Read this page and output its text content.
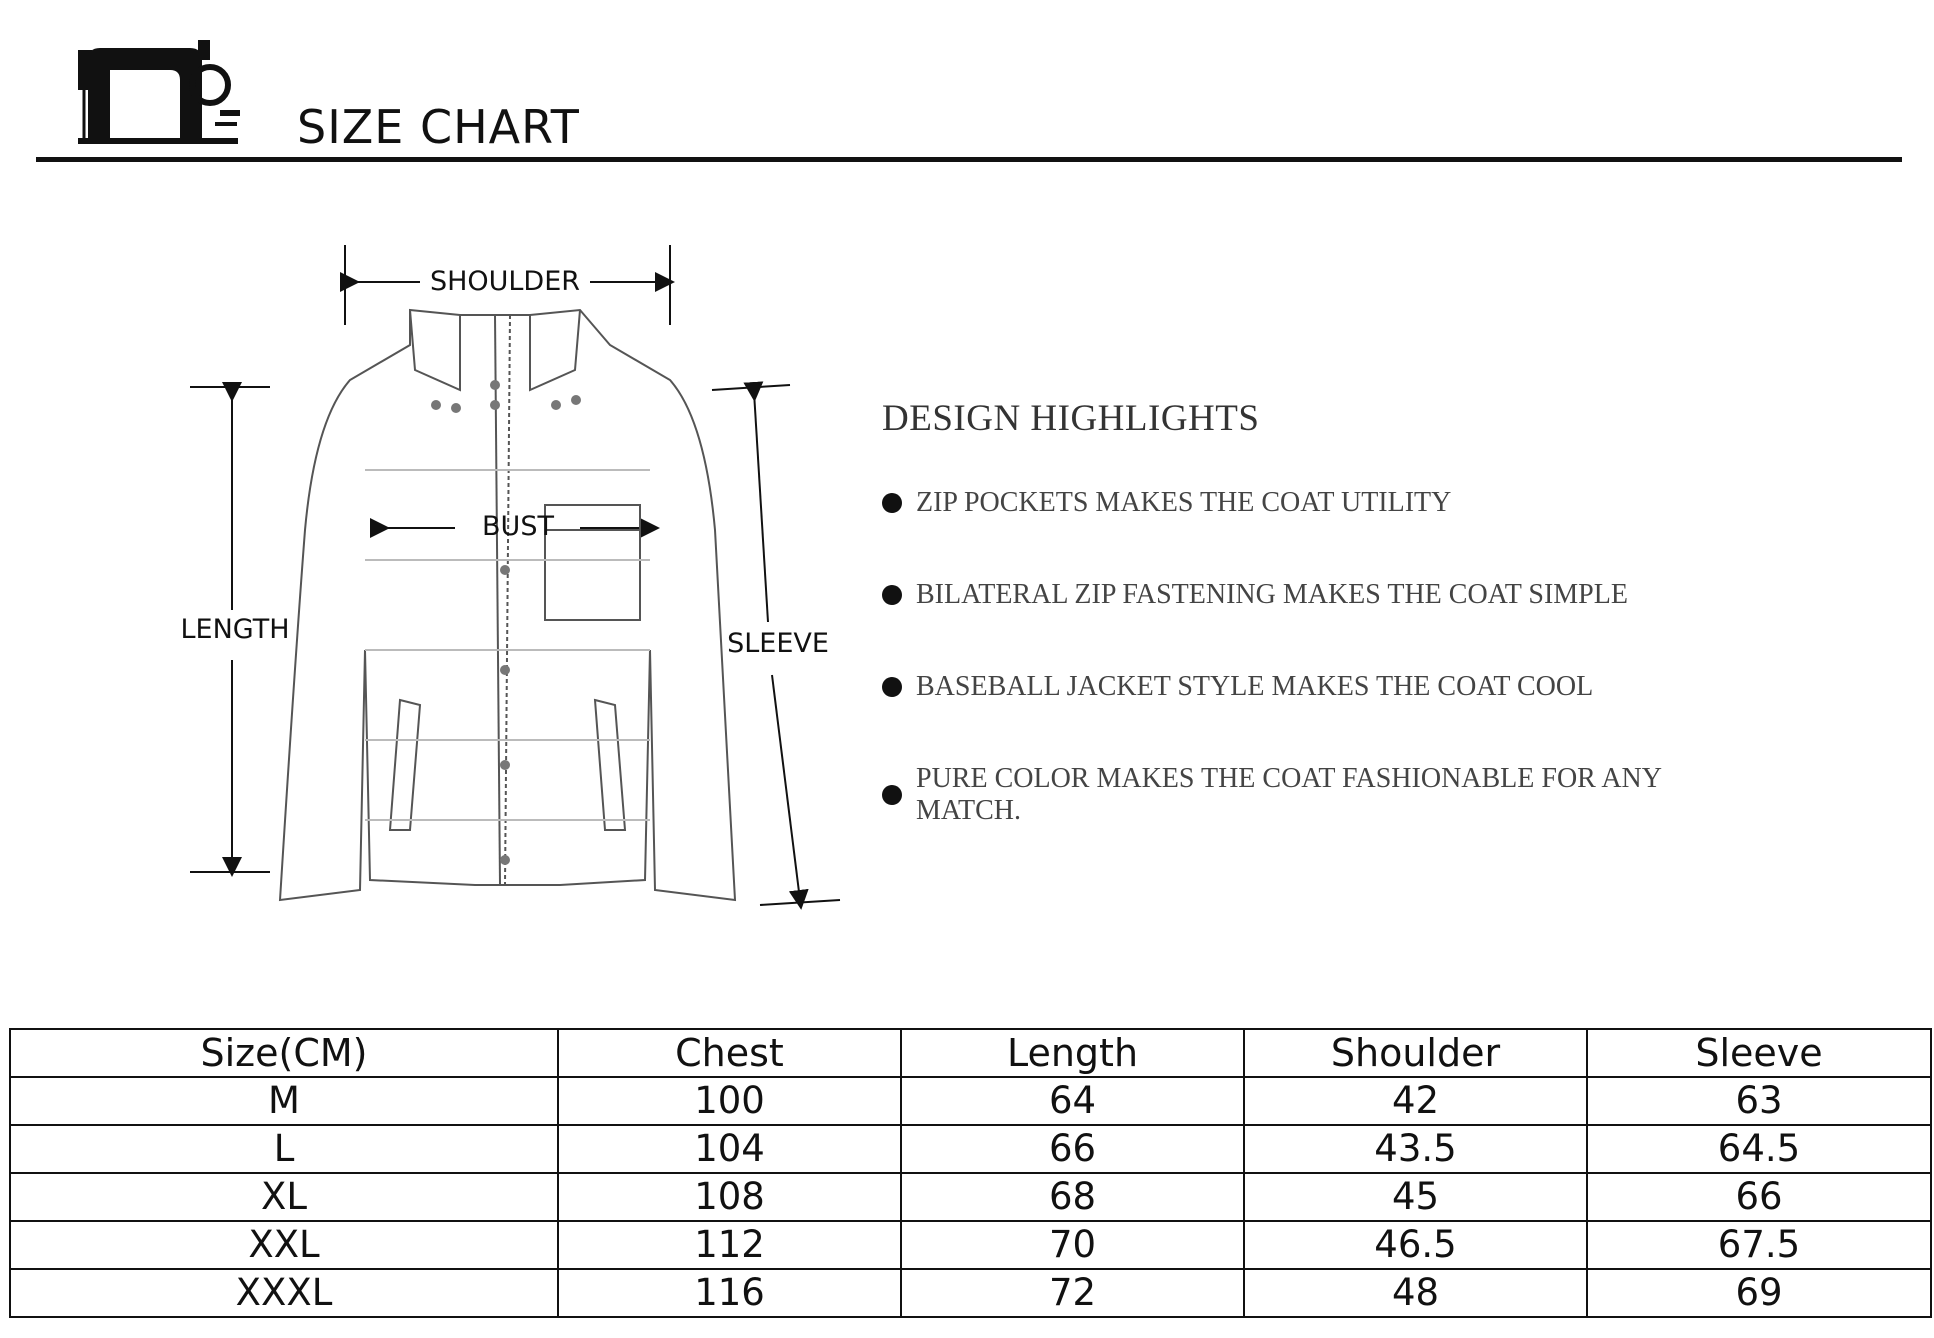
SIZE CHART
SHOULDER
BUST
LENGTH	SLEEVE
DESIGN HIGHLIGHTS
ZIP POCKETS MAKES THE COAT UTILITY
BILATERAL ZIP FASTENING MAKES THE COAT SIMPLE
BASEBALL JACKET STYLE MAKES THE COAT COOL
PURE COLOR MAKES THE COAT FASHIONABLE FOR ANY MATCH.
Size(CM)	Chest	Length	Shoulder	Sleeve
M	100	64	42	63
L	104	66	43.5	64.5
XL	108	68	45	66
XXL	112	70	46.5	67.5
XXXL	116	72	48	69
